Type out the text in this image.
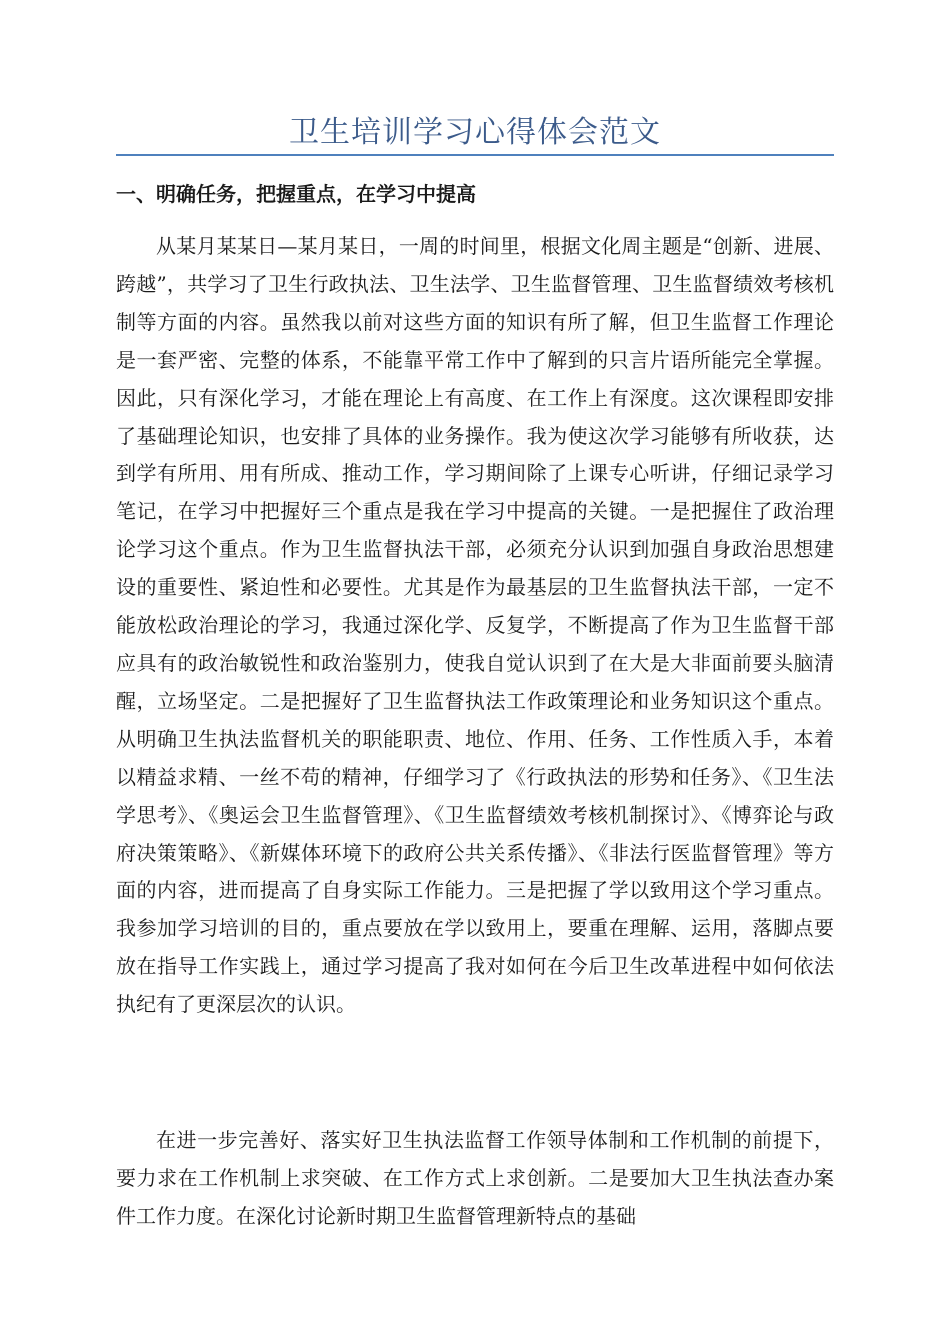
卫生培训学习心得体会范文
一、明确任务，把握重点，在学习中提高

从某月某某日—某月某日，一周的时间里，根据文化周主题是“创新、进展、跨越”，共学习了卫生行政执法、卫生法学、卫生监督管理、卫生监督绩效考核机制等方面的内容。虽然我以前对这些方面的知识有所了解，但卫生监督工作理论是一套严密、完整的体系，不能靠平常工作中了解到的只言片语所能完全掌握。因此，只有深化学习，才能在理论上有高度、在工作上有深度。这次课程即安排了基础理论知识，也安排了具体的业务操作。我为使这次学习能够有所收获，达到学有所用、用有所成、推动工作，学习期间除了上课专心听讲，仔细记录学习笔记，在学习中把握好三个重点是我在学习中提高的关键。一是把握住了政治理论学习这个重点。作为卫生监督执法干部，必须充分认识到加强自身政治思想建设的重要性、紧迫性和必要性。尤其是作为最基层的卫生监督执法干部，一定不能放松政治理论的学习，我通过深化学、反复学，不断提高了作为卫生监督干部应具有的政治敏锐性和政治鉴别力，使我自觉认识到了在大是大非面前要头脑清醒，立场坚定。二是把握好了卫生监督执法工作政策理论和业务知识这个重点。从明确卫生执法监督机关的职能职责、地位、作用、任务、工作性质入手，本着以精益求精、一丝不苟的精神，仔细学习了《行政执法的形势和任务》、《卫生法学思考》、《奥运会卫生监督管理》、《卫生监督绩效考核机制探讨》、《博弈论与政府决策策略》、《新媒体环境下的政府公共关系传播》、《非法行医监督管理》等方面的内容，进而提高了自身实际工作能力。三是把握了学以致用这个学习重点。我参加学习培训的目的，重点要放在学以致用上，要重在理解、运用，落脚点要放在指导工作实践上，通过学习提高了我对如何在今后卫生改革进程中如何依法执纪有了更深层次的认识。

在进一步完善好、落实好卫生执法监督工作领导体制和工作机制的前提下，要力求在工作机制上求突破、在工作方式上求创新。二是要加大卫生执法查办案件工作力度。在深化讨论新时期卫生监督管理新特点的基础
